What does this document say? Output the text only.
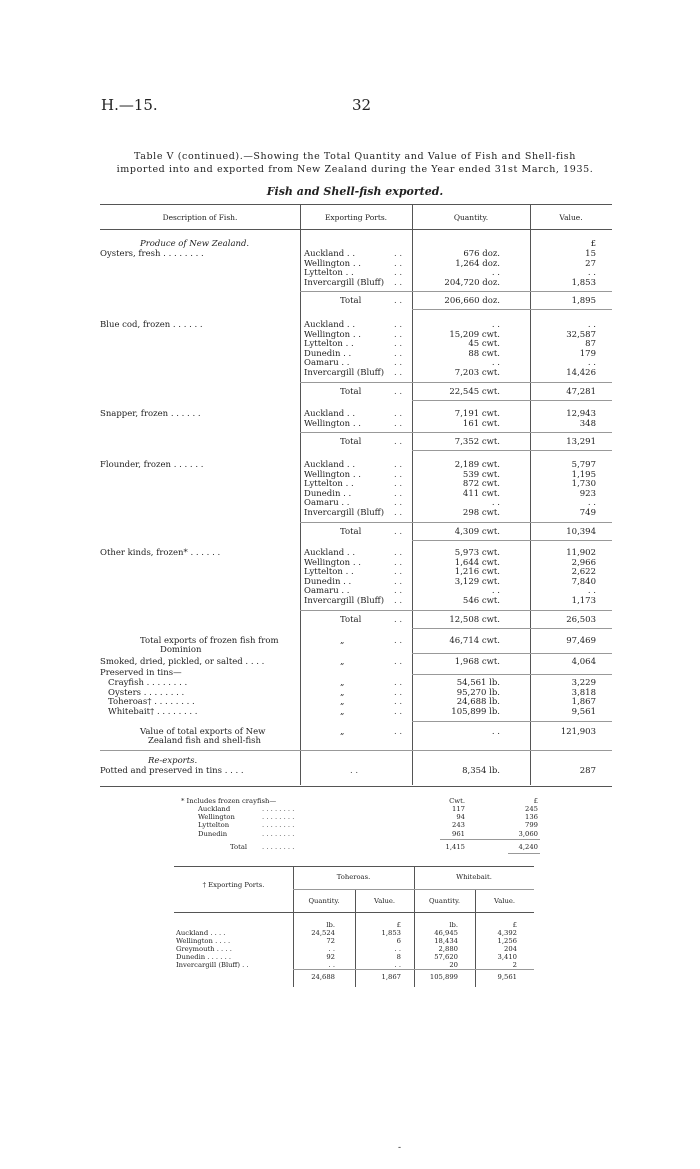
H.—15.	32
Table V (continued).—Showing the Total Quantity and Value of Fish and Shell-fish
imported into and exported from New Zealand during the Year ended 31st March, 1935.
Fish and Shell-fish exported.
Description of Fish.	Exporting Ports.	Quantity.	Value.
Produce of New Zealand.	£
Oysters, fresh . . . . . . . .	Auckland . .	. .	676 doz.	15
Wellington . .	. .	1,264 doz.	27
Lyttelton . .	. .	. .	. .
Invercargill (Bluff) . .	204,720 doz.	1,853
Total	. .	206,660 doz.	1,895
Blue cod, frozen . . . . . .	Auckland . .	. .	. .	. .
Wellington . .	. .	15,209 cwt.	32,587
Lyttelton . .	. .	45 cwt.	87
Dunedin . .	. .	88 cwt.	179
Oamaru . .	. .	. .	. .
Invercargill (Bluff) . .	7,203 cwt.	14,426
Total	. .	22,545 cwt.	47,281
Snapper, frozen . . . . . .	Auckland . .	. .	7,191 cwt.	12,943
Wellington . .	. .	161 cwt.	348
Total	. .	7,352 cwt.	13,291
Flounder, frozen . . . . . .	Auckland . .	. .	2,189 cwt.	5,797
Wellington . .	. .	539 cwt.	1,195
Lyttelton . .	. .	872 cwt.	1,730
Dunedin . .	. .	411 cwt.	923
Oamaru . .	. .	. .	. .
Invercargill (Bluff) . .	298 cwt.	749
Total	. .	4,309 cwt.	10,394
Other kinds, frozen* . . . . . .	Auckland . .	. .	5,973 cwt.	11,902
Wellington . .	. .	1,644 cwt.	2,966
Lyttelton . .	. .	1,216 cwt.	2,622
Dunedin . .	. .	3,129 cwt.	7,840
Oamaru . .	. .	. .	. .
Invercargill (Bluff) . .	546 cwt.	1,173
Total	. .	12,508 cwt.	26,503
Total exports of frozen fish from
Dominion
„	. .	46,714 cwt.	97,469
Smoked, dried, pickled, or salted . . . .	„	. .	1,968 cwt.	4,064
Preserved in tins—
Crayfish . . . . . . . .	„	. .	54,561 lb.	3,229
Oysters . . . . . . . .	„	. .	95,270 lb.	3,818
Toheroas† . . . . . . . .	„	. .	24,688 lb.	1,867
Whitebait† . . . . . . . .	„	. .	105,899 lb.	9,561
Value of total exports of New
Zealand fish and shell-fish
„	. .	. .	121,903
Re-exports.
Potted and preserved in tins . . . .	. .	8,354 lb.	287
* Includes frozen crayfish—	Cwt.	£
Auckland	. . . . . . . .	117	245
Wellington	. . . . . . . .	94	136
Lyttelton	. . . . . . . .	243	799
Dunedin	. . . . . . . .	961	3,060
Total . . . . . . . .	1,415	4,240
† Exporting Ports.
Toheroas.	Whitebait.
Quantity.	Value.	Quantity.	Value.
lb.	£	lb.	£
Auckland . . . .	24,524	1,853	46,945	4,392
Wellington . . . .	72	6	18,434	1,256
Greymouth . . . .	. .	. .	2,880	204
Dunedin . . . . . .	92	8	57,620	3,410
Invercargill (Bluff) . .	. .	. .	20	2
24,688	1,867	105,899	9,561
-
